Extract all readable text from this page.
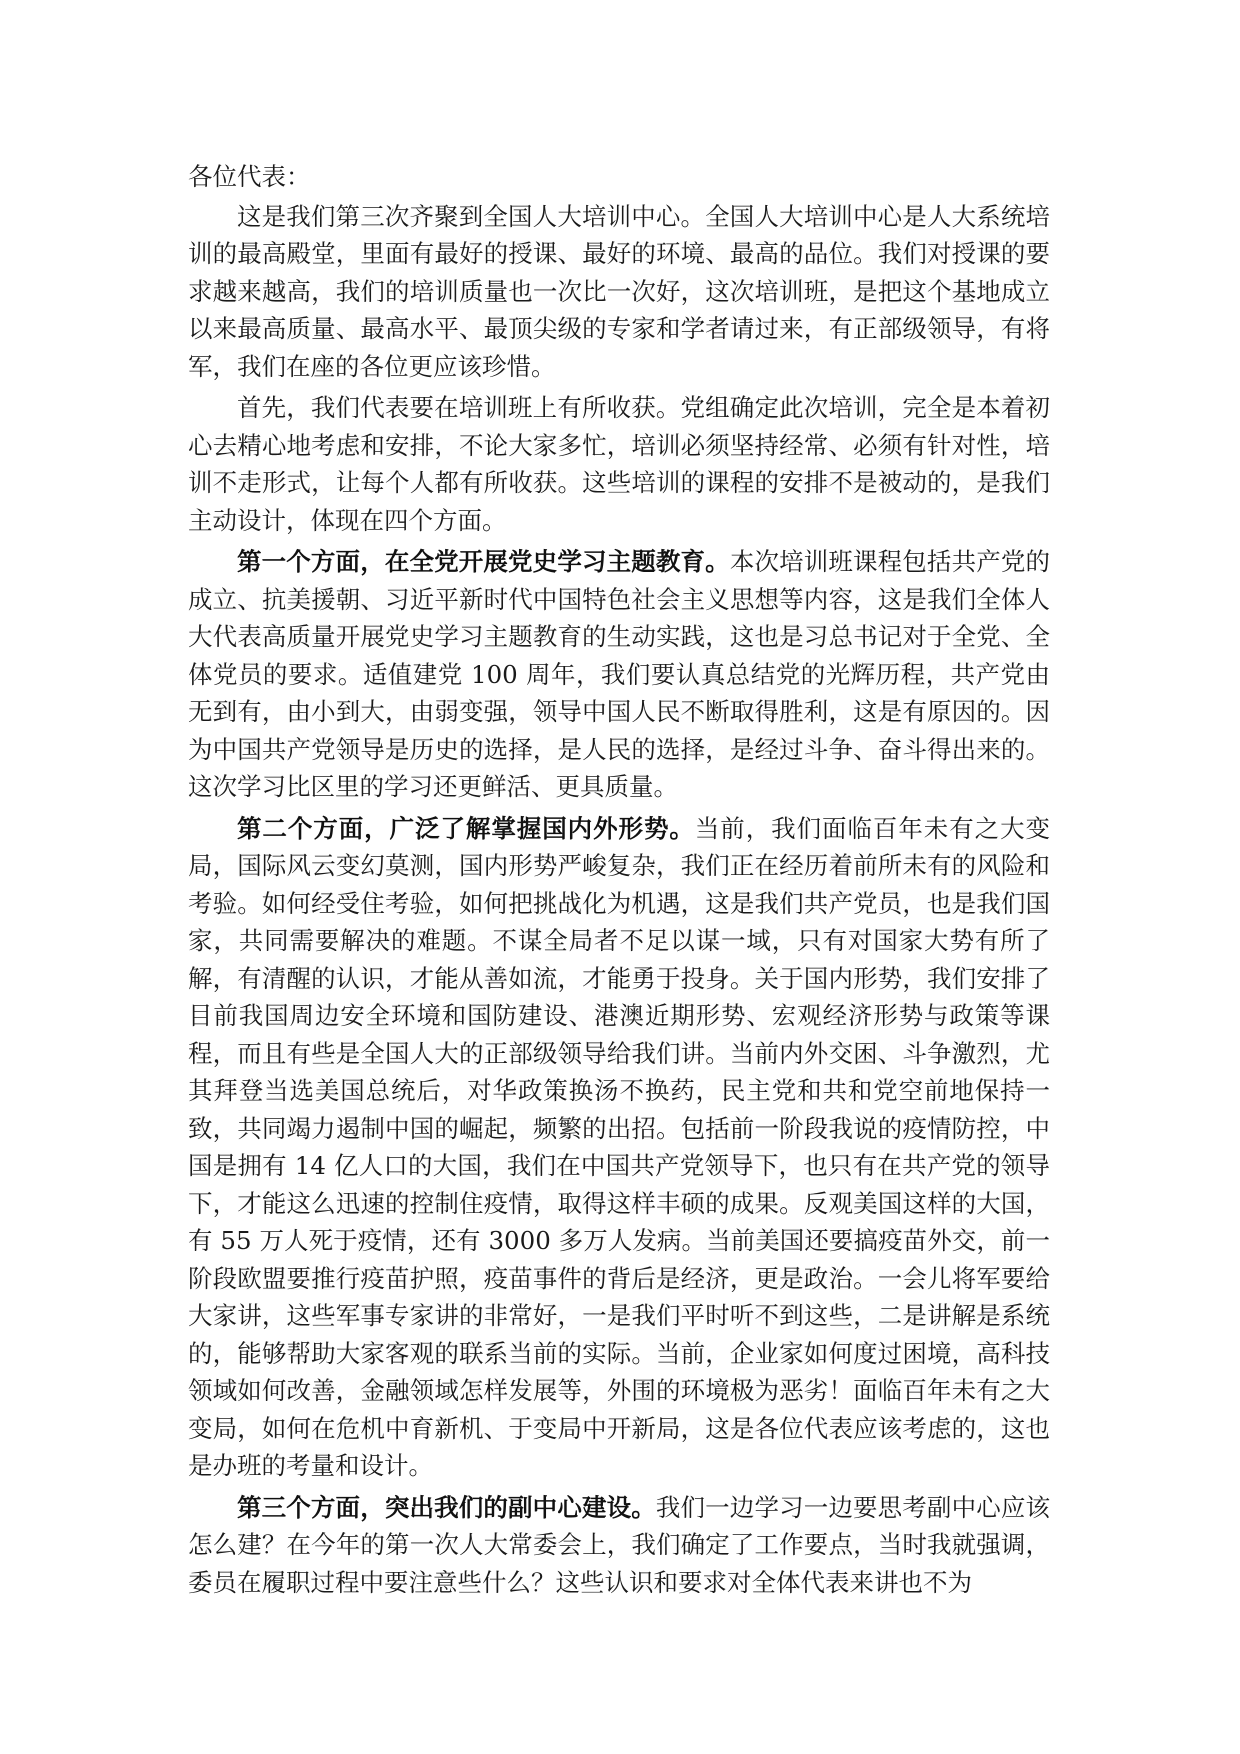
各位代表：

这是我们第三次齐聚到全国人大培训中心。全国人大培训中心是人大系统培训的最高殿堂，里面有最好的授课、最好的环境、最高的品位。我们对授课的要求越来越高，我们的培训质量也一次比一次好，这次培训班，是把这个基地成立以来最高质量、最高水平、最顶尖级的专家和学者请过来，有正部级领导，有将军，我们在座的各位更应该珍惜。

首先，我们代表要在培训班上有所收获。党组确定此次培训，完全是本着初心去精心地考虑和安排，不论大家多忙，培训必须坚持经常、必须有针对性，培训不走形式，让每个人都有所收获。这些培训的课程的安排不是被动的，是我们主动设计，体现在四个方面。

第一个方面，在全党开展党史学习主题教育。本次培训班课程包括共产党的成立、抗美援朝、习近平新时代中国特色社会主义思想等内容，这是我们全体人大代表高质量开展党史学习主题教育的生动实践，这也是习总书记对于全党、全体党员的要求。适值建党 100 周年，我们要认真总结党的光辉历程，共产党由无到有，由小到大，由弱变强，领导中国人民不断取得胜利，这是有原因的。因为中国共产党领导是历史的选择，是人民的选择，是经过斗争、奋斗得出来的。这次学习比区里的学习还更鲜活、更具质量。

第二个方面，广泛了解掌握国内外形势。当前，我们面临百年未有之大变局，国际风云变幻莫测，国内形势严峻复杂，我们正在经历着前所未有的风险和考验。如何经受住考验，如何把挑战化为机遇，这是我们共产党员，也是我们国家，共同需要解决的难题。不谋全局者不足以谋一域，只有对国家大势有所了解，有清醒的认识，才能从善如流，才能勇于投身。关于国内形势，我们安排了目前我国周边安全环境和国防建设、港澳近期形势、宏观经济形势与政策等课程，而且有些是全国人大的正部级领导给我们讲。当前内外交困、斗争激烈，尤其拜登当选美国总统后，对华政策换汤不换药，民主党和共和党空前地保持一致，共同竭力遏制中国的崛起，频繁的出招。包括前一阶段我说的疫情防控，中国是拥有 14 亿人口的大国，我们在中国共产党领导下，也只有在共产党的领导下，才能这么迅速的控制住疫情，取得这样丰硕的成果。反观美国这样的大国，有 55 万人死于疫情，还有 3000 多万人发病。当前美国还要搞疫苗外交，前一阶段欧盟要推行疫苗护照，疫苗事件的背后是经济，更是政治。一会儿将军要给大家讲，这些军事专家讲的非常好，一是我们平时听不到这些，二是讲解是系统的，能够帮助大家客观的联系当前的实际。当前，企业家如何度过困境，高科技领域如何改善，金融领域怎样发展等，外围的环境极为恶劣！面临百年未有之大变局，如何在危机中育新机、于变局中开新局，这是各位代表应该考虑的，这也是办班的考量和设计。

第三个方面，突出我们的副中心建设。我们一边学习一边要思考副中心应该怎么建？在今年的第一次人大常委会上，我们确定了工作要点，当时我就强调，委员在履职过程中要注意些什么？这些认识和要求对全体代表来讲也不为
